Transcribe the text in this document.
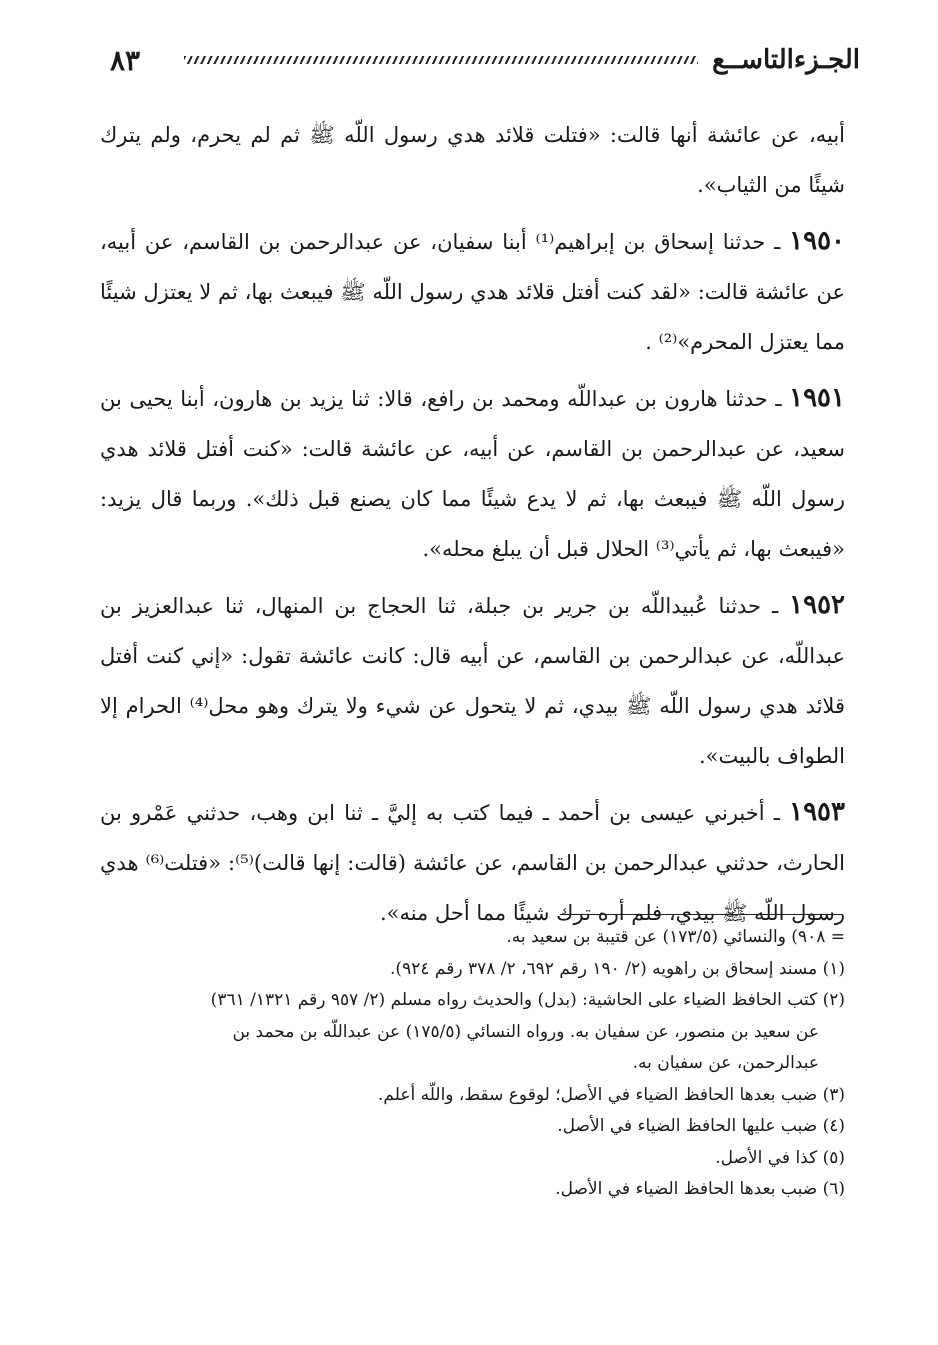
٨٣	الجـزءالتاســع

أبيه، عن عائشة أنها قالت: «فتلت قلائد هدي رسول اللّه ﷺ ثم لم يحرم، ولم يترك شيئًا من الثياب».

١٩٥٠ ـ حدثنا إسحاق بن إبراهيم⁽¹⁾ أبنا سفيان، عن عبدالرحمن بن القاسم، عن أبيه، عن عائشة قالت: «لقد كنت أفتل قلائد هدي رسول اللّه ﷺ فيبعث بها، ثم لا يعتزل شيئًا مما يعتزل المحرم»⁽²⁾ .

١٩٥١ ـ حدثنا هارون بن عبداللّه ومحمد بن رافع، قالا: ثنا يزيد بن هارون، أبنا يحيى بن سعيد، عن عبدالرحمن بن القاسم، عن أبيه، عن عائشة قالت: «كنت أفتل قلائد هدي رسول اللّه ﷺ فيبعث بها، ثم لا يدع شيئًا مما كان يصنع قبل ذلك». وربما قال يزيد: «فيبعث بها، ثم يأتي⁽³⁾ الحلال قبل أن يبلغ محله».

١٩٥٢ ـ حدثنا عُبيداللّه بن جرير بن جبلة، ثنا الحجاج بن المنهال، ثنا عبدالعزيز بن عبداللّه، عن عبدالرحمن بن القاسم، عن أبيه قال: كانت عائشة تقول: «إني كنت أفتل قلائد هدي رسول اللّه ﷺ بيدي، ثم لا يتحول عن شيء ولا يترك وهو محل⁽⁴⁾ الحرام إلا الطواف بالبيت».

١٩٥٣ ـ أخبرني عيسى بن أحمد ـ فيما كتب به إليَّ ـ ثنا ابن وهب، حدثني عَمْرو بن الحارث، حدثني عبدالرحمن بن القاسم، عن عائشة (قالت: إنها قالت)⁽⁵⁾: «فتلت⁽⁶⁾ هدي رسول اللّه ﷺ بيدي، فلم أره ترك شيئًا مما أحل منه».

= ٩٠٨) والنسائي (١٧٣/٥) عن قتيبة بن سعيد به.

(١) مسند إسحاق بن راهويه (٢/ ١٩٠ رقم ٦٩٢، ٢/ ٣٧٨ رقم ٩٢٤).

(٢) كتب الحافظ الضياء على الحاشية: (بدل) والحديث رواه مسلم (٢/ ٩٥٧ رقم ١٣٢١/ ٣٦١)

عن سعيد بن منصور، عن سفيان به. ورواه النسائي (١٧٥/٥) عن عبداللّه بن محمد بن

عبدالرحمن، عن سفيان به.

(٣) ضبب بعدها الحافظ الضياء في الأصل؛ لوقوع سقط، واللّه أعلم.

(٤) ضبب عليها الحافظ الضياء في الأصل.

(٥) كذا في الأصل.

(٦) ضبب بعدها الحافظ الضياء في الأصل.
